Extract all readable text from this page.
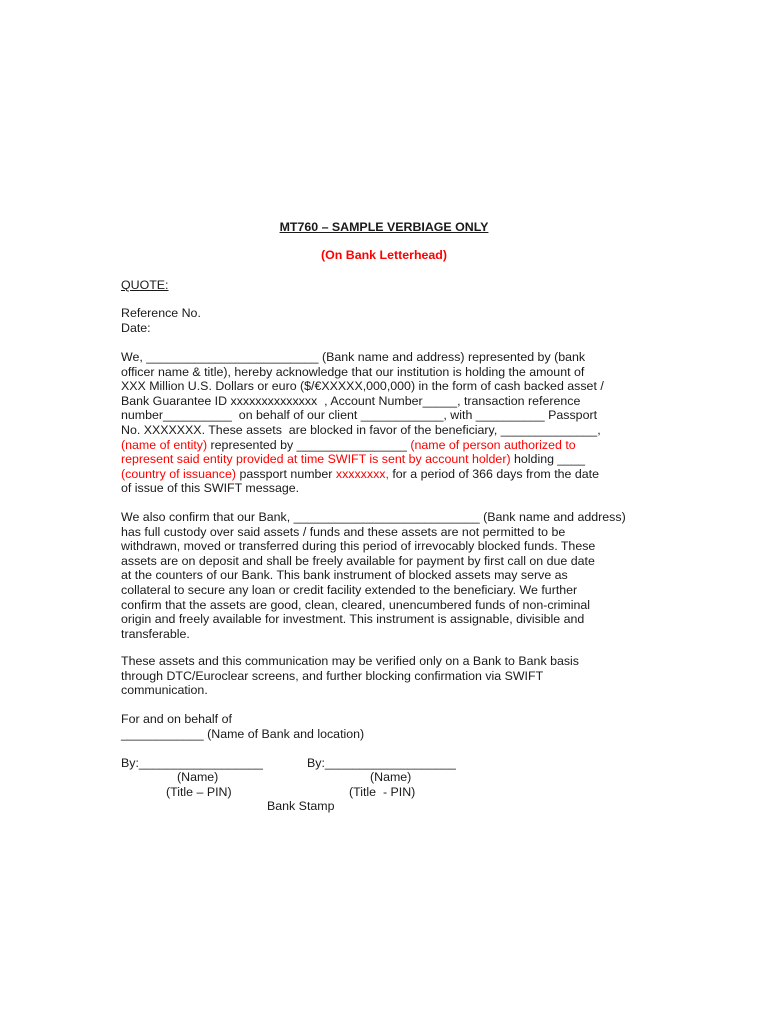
MT760 – SAMPLE VERBIAGE ONLY
(On Bank Letterhead)
QUOTE:
Reference No.
Date:
We, _________________________ (Bank name and address) represented by (bank
officer name & title), hereby acknowledge that our institution is holding the amount of
XXX Million U.S. Dollars or euro ($/€XXXXX,000,000) in the form of cash backed asset /
Bank Guarantee ID xxxxxxxxxxxxxx  , Account Number_____, transaction reference
number__________  on behalf of our client ____________, with __________ Passport
No. XXXXXXX. These assets  are blocked in favor of the beneficiary, ______________,
(name of entity) represented by ________________ (name of person authorized to
represent said entity provided at time SWIFT is sent by account holder) holding ____
(country of issuance) passport number xxxxxxxx, for a period of 366 days from the date
of issue of this SWIFT message.
We also confirm that our Bank, ___________________________ (Bank name and address)
has full custody over said assets / funds and these assets are not permitted to be
withdrawn, moved or transferred during this period of irrevocably blocked funds. These
assets are on deposit and shall be freely available for payment by first call on due date
at the counters of our Bank. This bank instrument of blocked assets may serve as
collateral to secure any loan or credit facility extended to the beneficiary. We further
confirm that the assets are good, clean, cleared, unencumbered funds of non-criminal
origin and freely available for investment. This instrument is assignable, divisible and
transferable.
These assets and this communication may be verified only on a Bank to Bank basis
through DTC/Euroclear screens, and further blocking confirmation via SWIFT
communication.
For and on behalf of
____________ (Name of Bank and location)
By:__________________	By:___________________
(Name)	(Name)
(Title – PIN)	(Title  - PIN)
Bank Stamp
